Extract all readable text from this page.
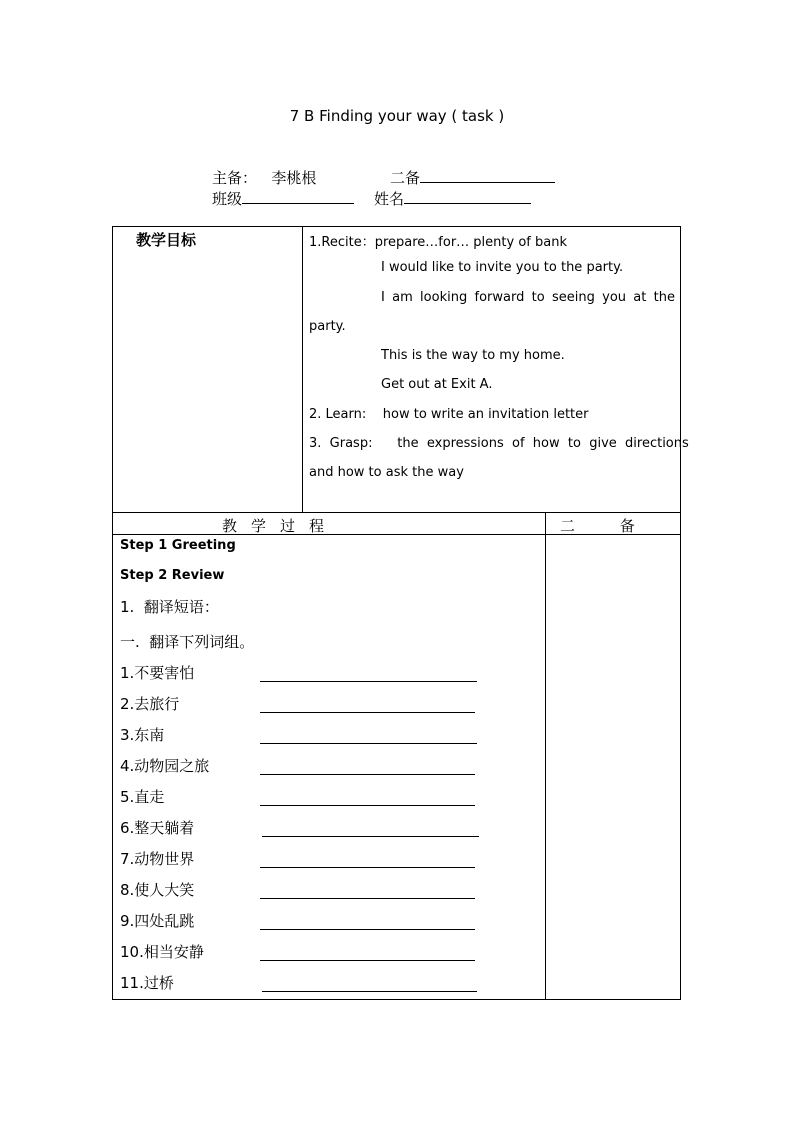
7 B Finding your way ( task )
主备： 李桃根	二备
班级	姓名
教学目标	1.Recite：prepare…for… plenty of bank
I would like to invite you to the party.
I am looking forward to seeing you at the
party.
This is the way to my home.
Get out at Exit A.
2. Learn:    how to write an invitation letter
3.  Grasp:      the  expressions  of  how  to  give  directions
and how to ask the way
教学过程	二 备
Step 1 Greeting
Step 2 Review
1.  翻译短语：
一.  翻译下列词组。
1.不要害怕
2.去旅行
3.东南
4.动物园之旅
5.直走
6.整天躺着
7.动物世界
8.使人大笑
9.四处乱跳
10.相当安静
11.过桥
